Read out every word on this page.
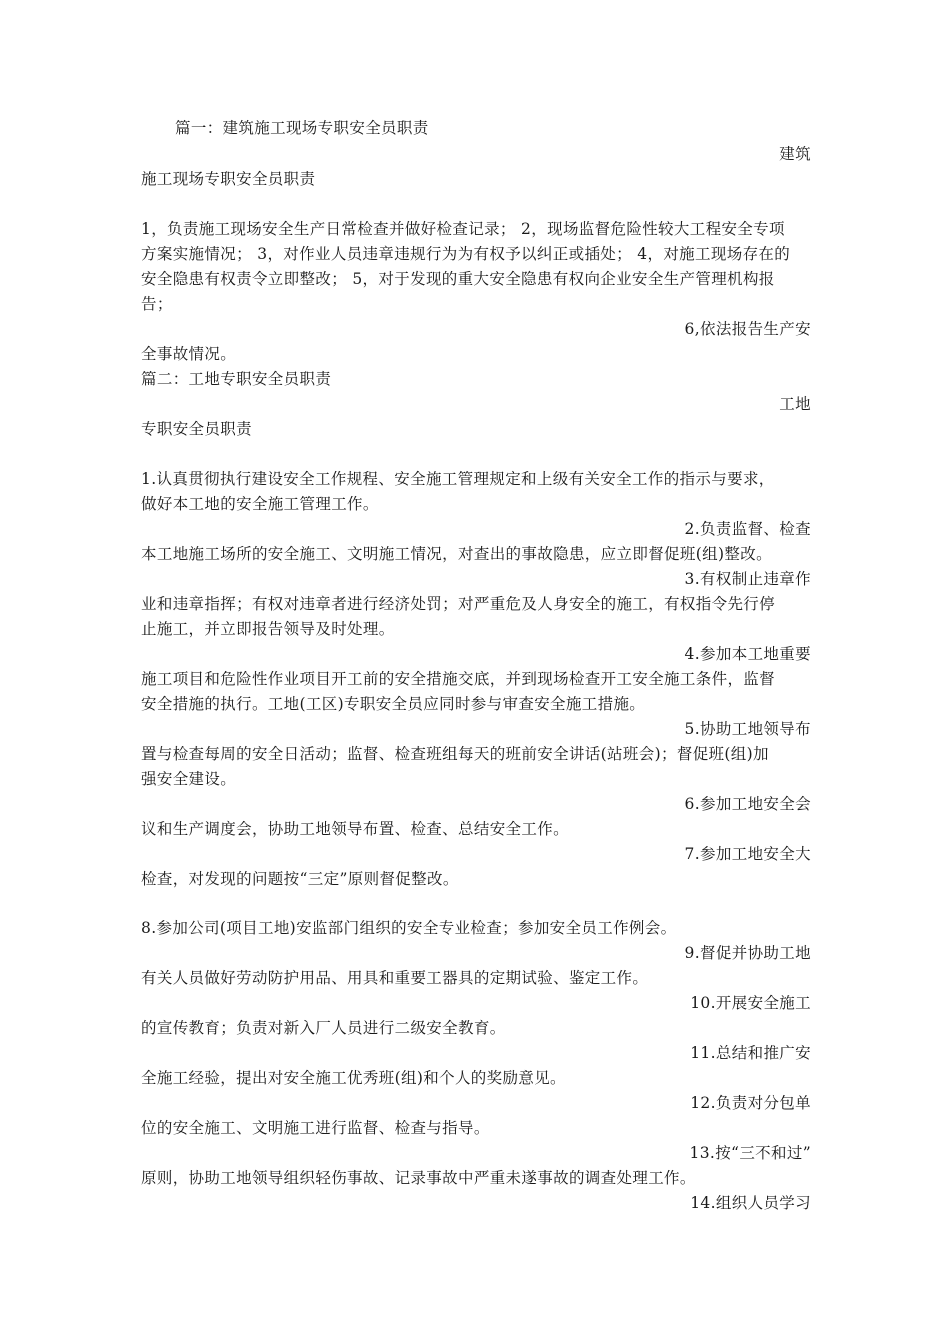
篇一：建筑施工现场专职安全员职责
建筑
施工现场专职安全员职责
1，负责施工现场安全生产日常检查并做好检查记录； 2，现场监督危险性较大工程安全专项
方案实施情况； 3，对作业人员违章违规行为为有权予以纠正或插处； 4，对施工现场存在的
安全隐患有权责令立即整改； 5，对于发现的重大安全隐患有权向企业安全生产管理机构报
告；
6,依法报告生产安
全事故情况。
篇二：工地专职安全员职责
工地
专职安全员职责
1.认真贯彻执行建设安全工作规程、安全施工管理规定和上级有关安全工作的指示与要求，
做好本工地的安全施工管理工作。
2.负责监督、检查
本工地施工场所的安全施工、文明施工情况，对查出的事故隐患，应立即督促班(组)整改。
3.有权制止违章作
业和违章指挥；有权对违章者进行经济处罚；对严重危及人身安全的施工，有权指令先行停
止施工，并立即报告领导及时处理。
4.参加本工地重要
施工项目和危险性作业项目开工前的安全措施交底，并到现场检查开工安全施工条件，监督
安全措施的执行。工地(工区)专职安全员应同时参与审查安全施工措施。
5.协助工地领导布
置与检查每周的安全日活动；监督、检查班组每天的班前安全讲话(站班会)；督促班(组)加
强安全建设。
6.参加工地安全会
议和生产调度会，协助工地领导布置、检查、总结安全工作。
7.参加工地安全大
检查，对发现的问题按“三定”原则督促整改。
8.参加公司(项目工地)安监部门组织的安全专业检查；参加安全员工作例会。
9.督促并协助工地
有关人员做好劳动防护用品、用具和重要工器具的定期试验、鉴定工作。
10.开展安全施工
的宣传教育；负责对新入厂人员进行二级安全教育。
11.总结和推广安
全施工经验，提出对安全施工优秀班(组)和个人的奖励意见。
12.负责对分包单
位的安全施工、文明施工进行监督、检查与指导。
13.按“三不和过”
原则，协助工地领导组织轻伤事故、记录事故中严重未遂事故的调查处理工作。
14.组织人员学习
